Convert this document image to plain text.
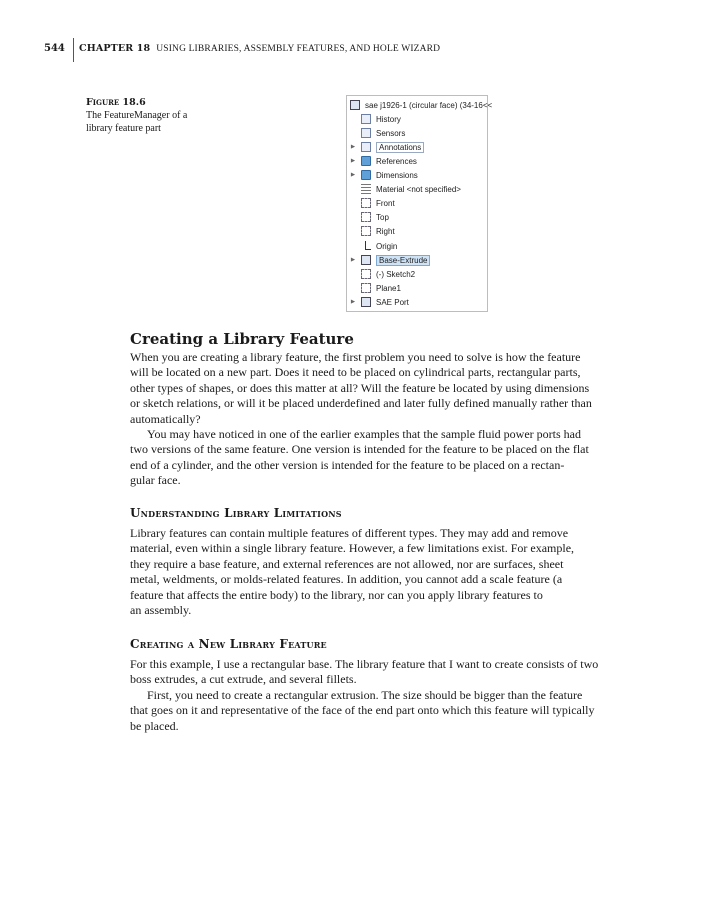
544 CHAPTER 18 USING LIBRARIES, ASSEMBLY FEATURES, AND HOLE WIZARD
Figure 18.6
The FeatureManager of a
library feature part
sae j1926-1 (circular face) (34-16<<
History
Sensors
▶	Annotations
▶	References
▶	Dimensions
Material <not specified>
Front
Top
Right
Origin
▶	Base-Extrude
(-) Sketch2
Plane1
▶	SAE Port
Creating a Library Feature
When you are creating a library feature, the first problem you need to solve is how the feature
will be located on a new part. Does it need to be placed on cylindrical parts, rectangular parts,
other types of shapes, or does this matter at all? Will the feature be located by using dimensions
or sketch relations, or will it be placed underdefined and later fully defined manually rather than
automatically?
You may have noticed in one of the earlier examples that the sample fluid power ports had
two versions of the same feature. One version is intended for the feature to be placed on the flat
end of a cylinder, and the other version is intended for the feature to be placed on a rectan-
gular face.
Understanding Library Limitations
Library features can contain multiple features of different types. They may add and remove
material, even within a single library feature. However, a few limitations exist. For example,
they require a base feature, and external references are not allowed, nor are surfaces, sheet
metal, weldments, or molds-related features. In addition, you cannot add a scale feature (a
feature that affects the entire body) to the library, nor can you apply library features to
an assembly.
Creating a New Library Feature
For this example, I use a rectangular base. The library feature that I want to create consists of two
boss extrudes, a cut extrude, and several fillets.
First, you need to create a rectangular extrusion. The size should be bigger than the feature
that goes on it and representative of the face of the end part onto which this feature will typically
be placed.
